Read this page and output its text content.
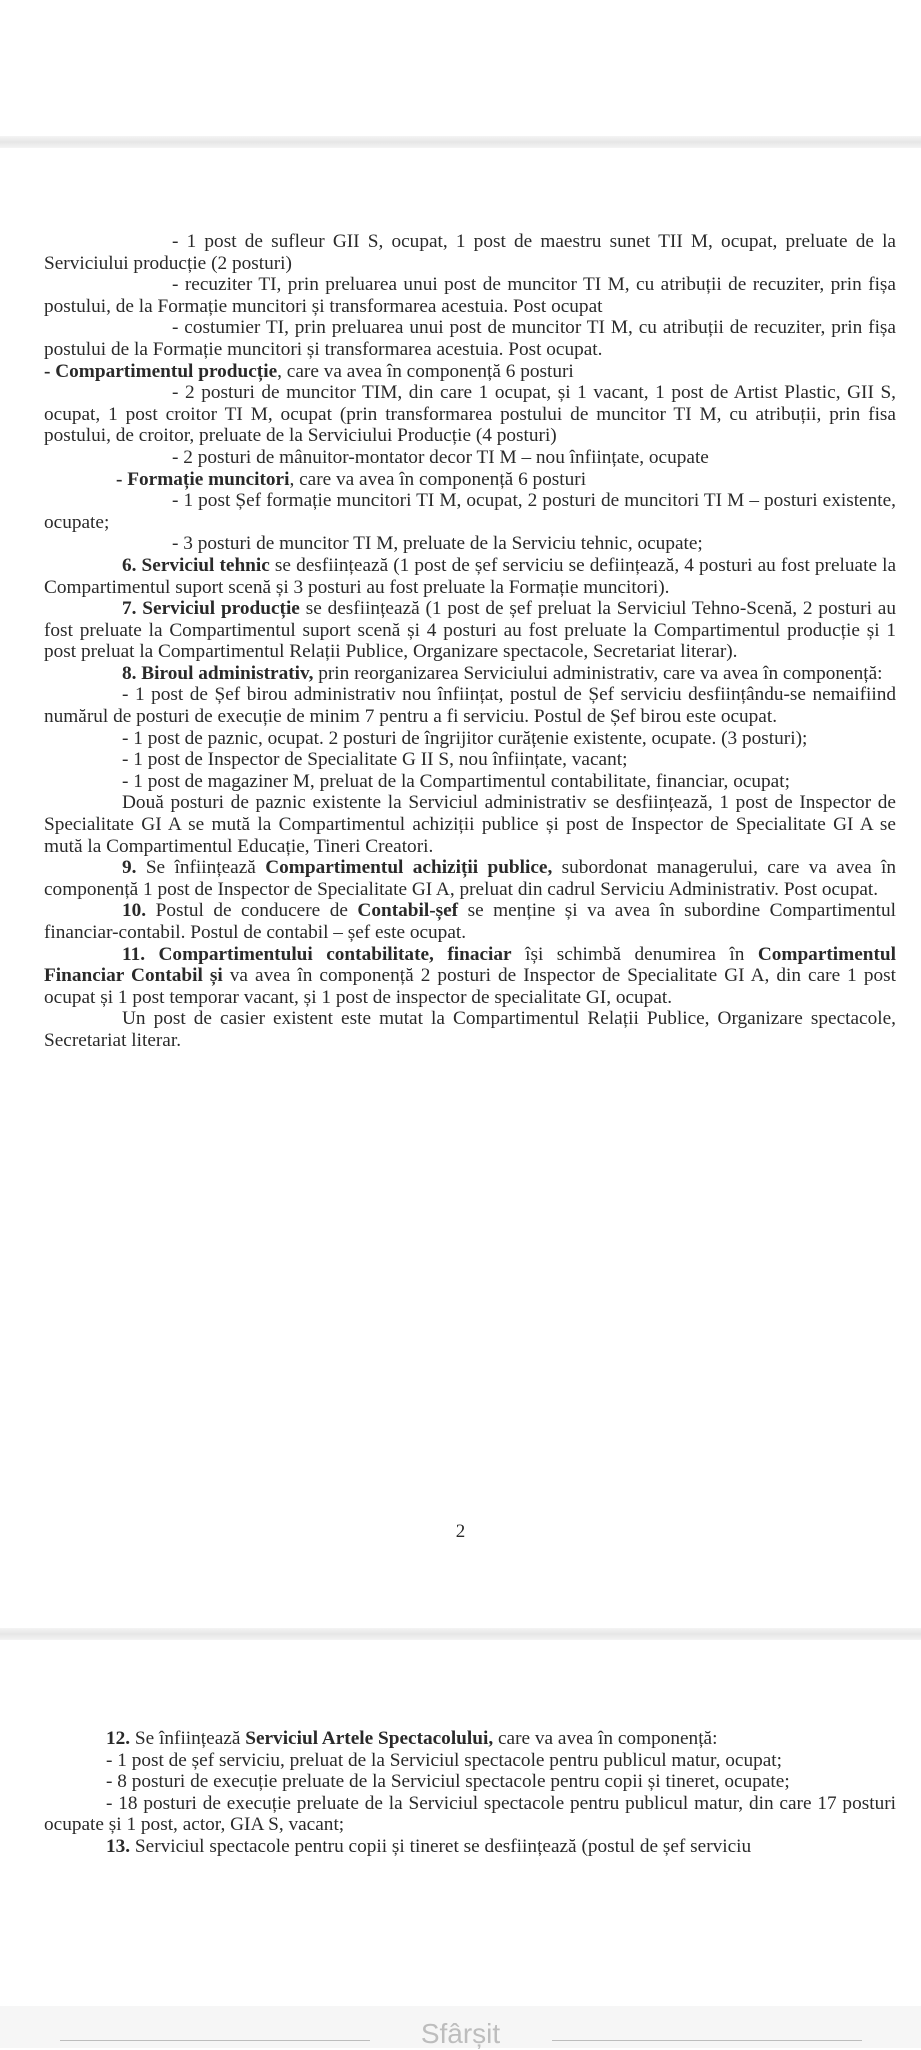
- 1 post de sufleur GII S, ocupat, 1 post de maestru sunet TII M, ocupat, preluate de la Serviciului producție (2 posturi)

- recuziter TI, prin preluarea unui post de muncitor TI M, cu atribuții de recuziter, prin fișa postului, de la Formație muncitori și transformarea acestuia. Post ocupat

- costumier TI, prin preluarea unui post de muncitor TI M, cu atribuții de recuziter, prin fișa postului de la Formație muncitori și transformarea acestuia. Post ocupat.

- Compartimentul producție, care va avea în componență 6 posturi

- 2 posturi de muncitor TIM, din care 1 ocupat, și 1 vacant, 1 post de Artist Plastic, GII S, ocupat, 1 post croitor TI M, ocupat (prin transformarea postului de muncitor TI M, cu atribuții, prin fisa postului, de croitor, preluate de la Serviciului Producție (4 posturi)

- 2 posturi de mânuitor-montator decor TI M – nou înființate, ocupate

- Formație muncitori, care va avea în componență 6 posturi

- 1 post Șef formație muncitori TI M, ocupat, 2 posturi de muncitori TI M – posturi existente, ocupate;

- 3 posturi de muncitor TI M, preluate de la Serviciu tehnic, ocupate;

6. Serviciul tehnic se desființează (1 post de șef serviciu se deființează, 4 posturi au fost preluate la Compartimentul suport scenă și 3 posturi au fost preluate la Formație muncitori).

7. Serviciul producție se desființează (1 post de șef preluat la Serviciul Tehno-Scenă, 2 posturi au fost preluate la Compartimentul suport scenă și 4 posturi au fost preluate la Compartimentul producție și 1 post preluat la Compartimentul Relații Publice, Organizare spectacole, Secretariat literar).

8. Biroul administrativ, prin reorganizarea Serviciului administrativ, care va avea în componență:

- 1 post de Șef birou administrativ nou înființat, postul de Șef serviciu desființându-se nemaifiind numărul de posturi de execuție de minim 7 pentru a fi serviciu. Postul de Șef birou este ocupat.

- 1 post de paznic, ocupat. 2 posturi de îngrijitor curățenie existente, ocupate. (3 posturi);

- 1 post de Inspector de Specialitate G II S, nou înființate, vacant;

- 1 post de magaziner M, preluat de la Compartimentul contabilitate, financiar, ocupat;

Două posturi de paznic existente la Serviciul administrativ se desființează, 1 post de Inspector de Specialitate GI A se mută la Compartimentul achiziții publice și post de Inspector de Specialitate GI A se mută la Compartimentul Educație, Tineri Creatori.

9. Se înființează Compartimentul achiziții publice, subordonat managerului, care va avea în componență 1 post de Inspector de Specialitate GI A, preluat din cadrul Serviciu Administrativ. Post ocupat.

10. Postul de conducere de Contabil-șef se menține și va avea în subordine Compartimentul financiar-contabil. Postul de contabil – șef este ocupat.

11. Compartimentului contabilitate, finaciar își schimbă denumirea în Compartimentul Financiar Contabil și va avea în componență 2 posturi de Inspector de Specialitate GI A, din care 1 post ocupat și 1 post temporar vacant, și 1 post de inspector de specialitate GI, ocupat.

Un post de casier existent este mutat la Compartimentul Relații Publice, Organizare spectacole, Secretariat literar.

2

12. Se înființează Serviciul Artele Spectacolului, care va avea în componență:

- 1 post de șef serviciu, preluat de la Serviciul spectacole pentru publicul matur, ocupat;

- 8 posturi de execuție preluate de la Serviciul spectacole pentru copii și tineret, ocupate;

- 18 posturi de execuție preluate de la Serviciul spectacole pentru publicul matur, din care 17 posturi ocupate și 1 post, actor, GIA S, vacant;

13. Serviciul spectacole pentru copii și tineret se desființează (postul de șef serviciu

Sfârșit
